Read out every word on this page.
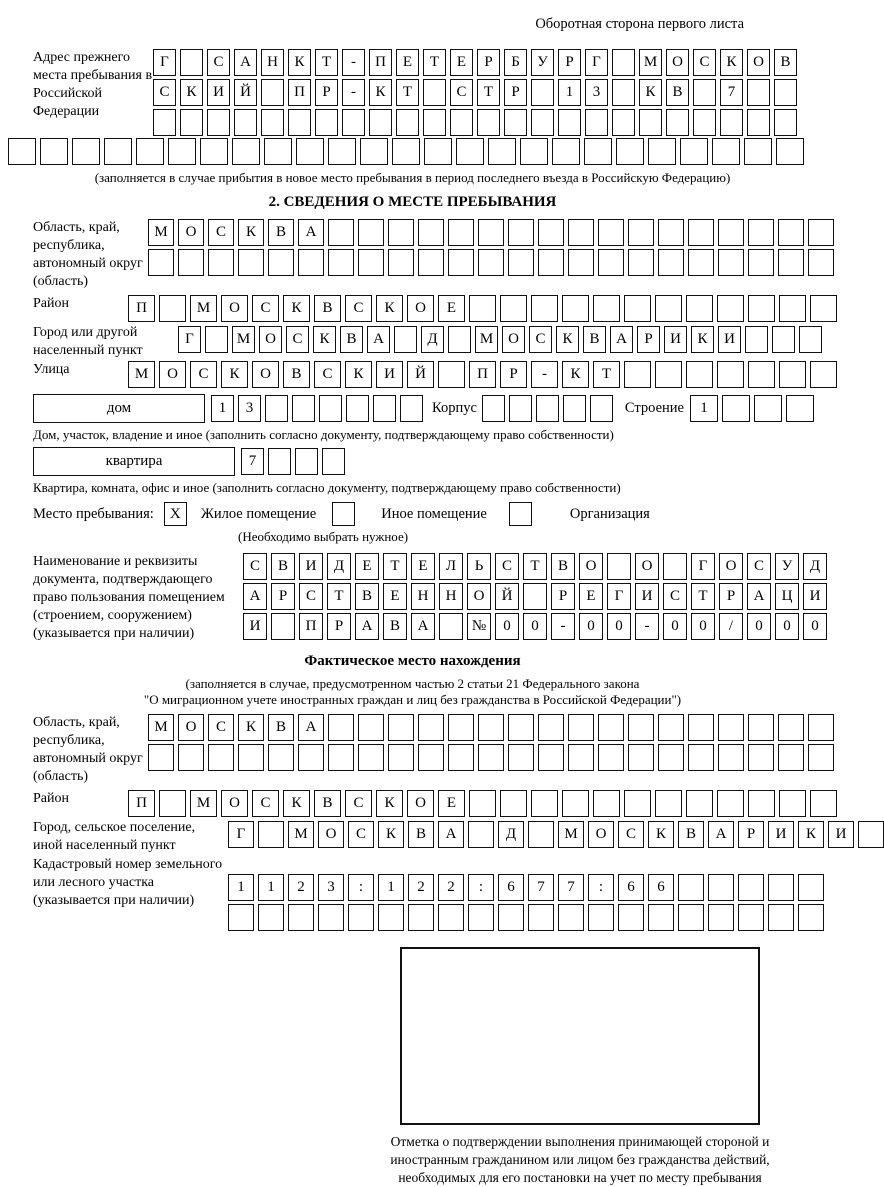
Оборотная сторона первого листа
Адрес прежнего места пребывания в Российской Федерации
Г	С	А	Н	К	Т	-	П	Е	Т	Е	Р	Б	У	Р	Г	М О	С	К	О	В
С	К	И	Й	П	Р	-	К	Т	С	Т	Р	1	3	К	В	7
(заполняется в случае прибытия в новое место пребывания в период последнего въезда в Российскую Федерацию)
2. СВЕДЕНИЯ О МЕСТЕ ПРЕБЫВАНИЯ
Область, край, республика, автономный округ (область)
М	О	С	К	В	А
Район	П	М	О	С	К	В	С	К	О	Е
Город или другой населенный пункт
Г	М О	С	К	В	А	Д	М О	С	К	В	А	Р	И	К	И
Улица	М	О	С	К	О	В	С	К	И	Й	П	Р	-	К	Т
дом	1	3	Корпус	Строение	1
Дом, участок, владение и иное (заполнить согласно документу, подтверждающему право собственности)
квартира	7
Квартира, комната, офис и иное (заполнить согласно документу, подтверждающему право собственности)
Место пребывания:	X	Жилое помещение	Иное помещение	Организация
(Необходимо выбрать нужное)
Наименование и реквизиты документа, подтверждающего право пользования помещением (строением, сооружением) (указывается при наличии)
С	В	И	Д	Е	Т	Е	Л	Ь	С	Т	В	О	О	Г	О	С	У	Д
А	Р	С	Т	В	Е	Н	Н	О	Й	Р	Е	Г	И	С	Т	Р	А	Ц	И
И	П	Р	А	В	А	№	0	0	-	0	0	-	0	0	/	0	0	0
Фактическое место нахождения
(заполняется в случае, предусмотренном частью 2 статьи 21 Федерального закона
"О миграционном учете иностранных граждан и лиц без гражданства в Российской Федерации")
Область, край, республика, автономный округ (область)
М	О	С	К	В	А
Район	П	М	О	С	К	В	С	К	О	Е
Город, сельское поселение, иной населенный пункт
Г	М	О	С	К	В	А	Д	М	О	С	К	В	А	Р	И	К	И
Кадастровый номер земельного или лесного участка (указывается при наличии)
1	1	2	3	:	1	2	2	:	6	7	7	:	6	6
Отметка о подтверждении выполнения принимающей стороной и иностранным гражданином или лицом без гражданства действий, необходимых для его постановки на учет по месту пребывания
